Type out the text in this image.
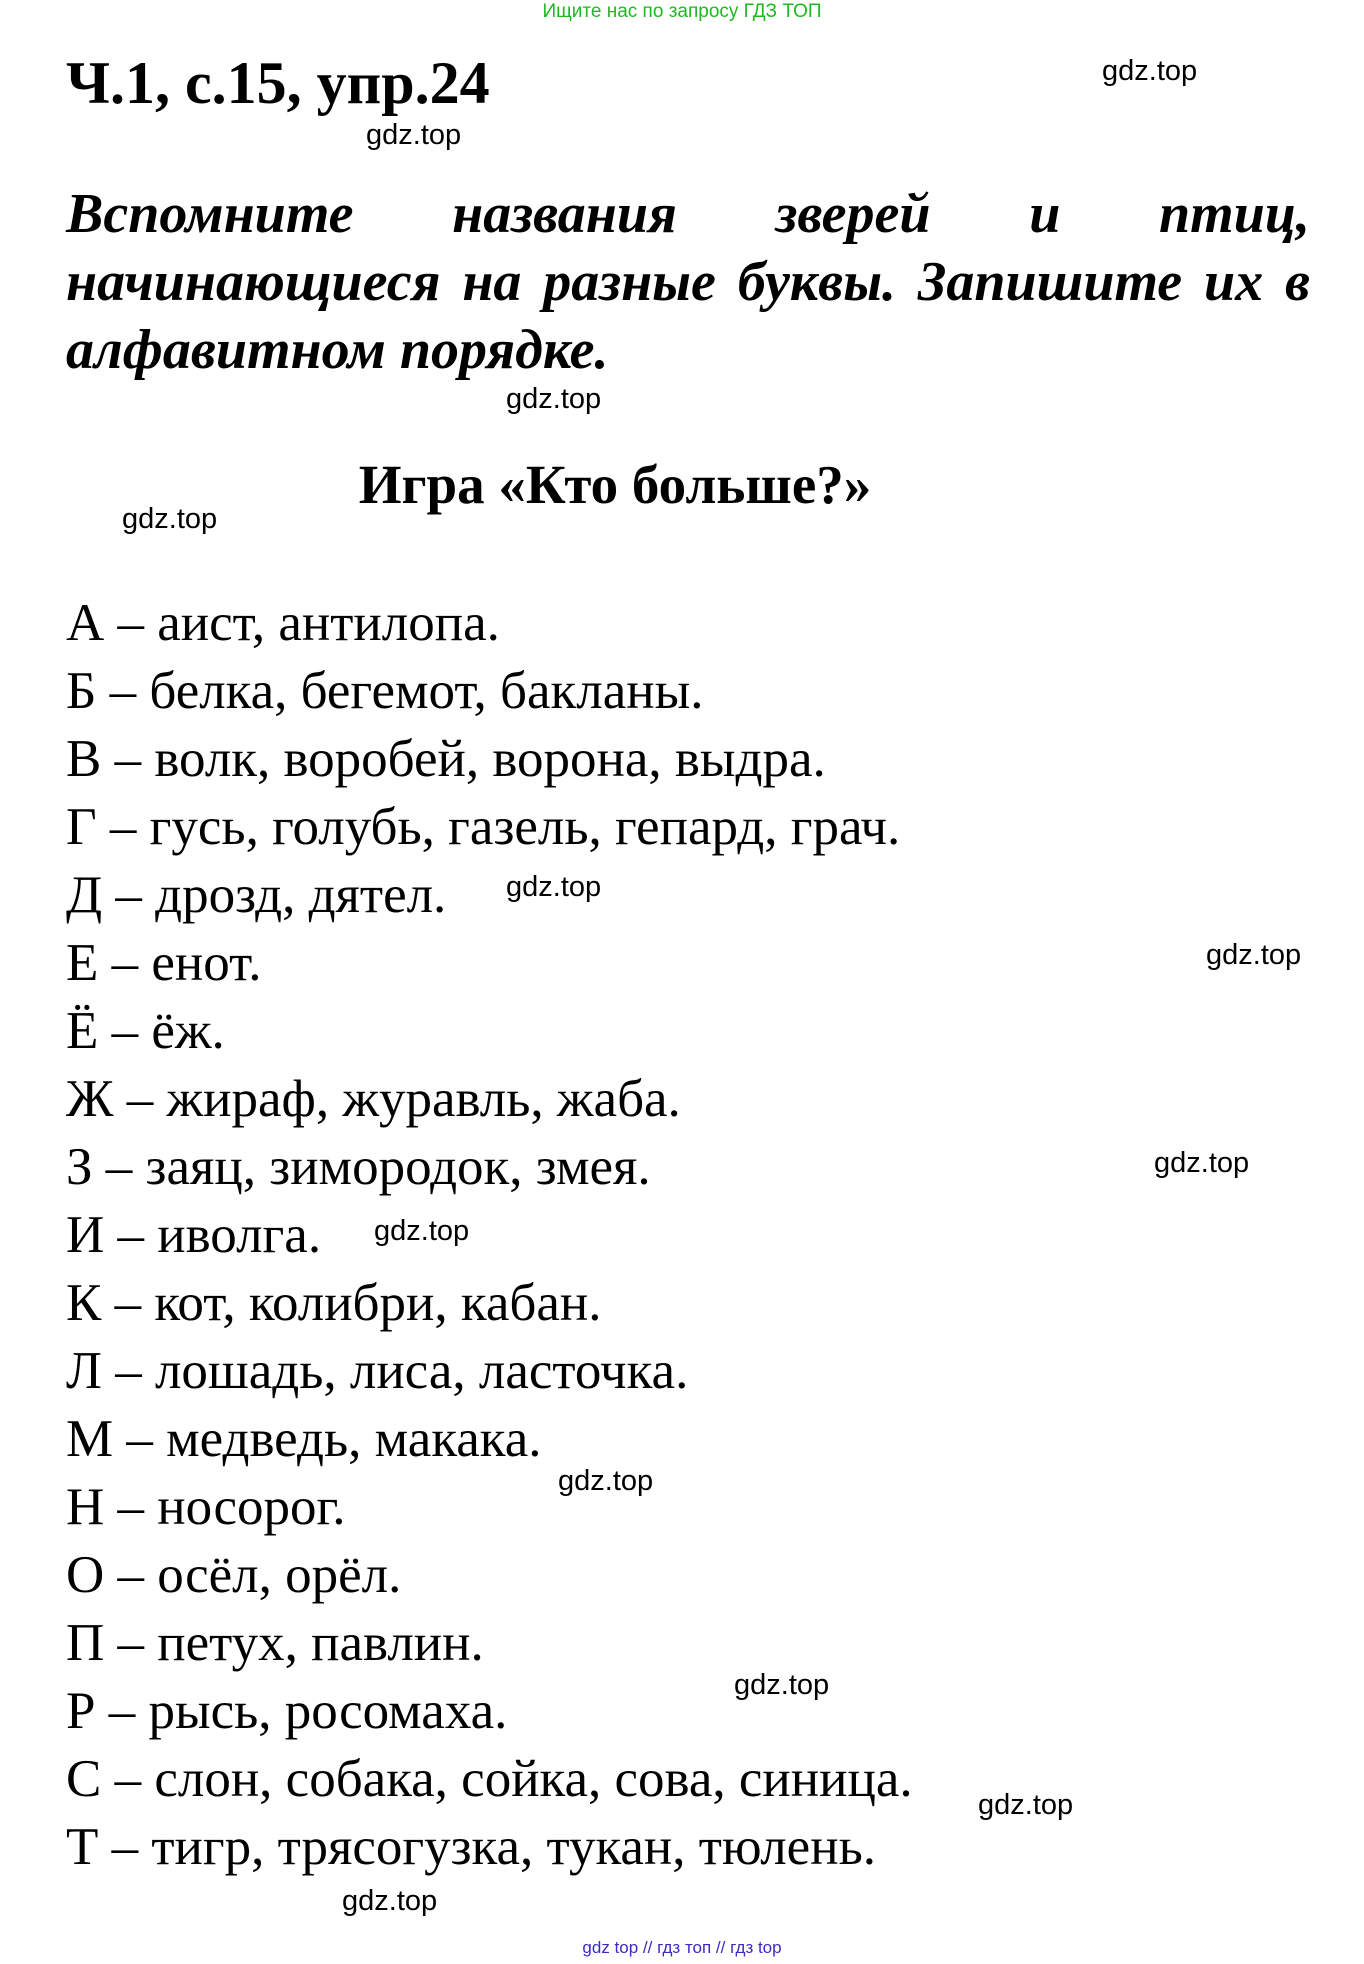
Ищите нас по запросу ГДЗ ТОП
Ч.1, с.15, упр.24
Вспомните названия зверей и птиц,
начинающиеся на разные буквы. Запишите их в
алфавитном порядке.
Игра «Кто больше?»
А – аист, антилопа.
Б – белка, бегемот, бакланы.
В – волк, воробей, ворона, выдра.
Г – гусь, голубь, газель, гепард, грач.
Д – дрозд, дятел.
Е – енот.
Ё – ёж.
Ж – жираф, журавль, жаба.
З – заяц, зимородок, змея.
И – иволга.
К – кот, колибри, кабан.
Л – лошадь, лиса, ласточка.
М – медведь, макака.
Н – носорог.
О – осёл, орёл.
П – петух, павлин.
Р – рысь, росомаха.
С – слон, собака, сойка, сова, синица.
Т – тигр, трясогузка, тукан, тюлень.
gdz.top
gdz.top
gdz.top
gdz.top
gdz.top
gdz.top
gdz.top
gdz.top
gdz.top
gdz.top
gdz.top
gdz.top
gdz top // гдз топ // гдз top
